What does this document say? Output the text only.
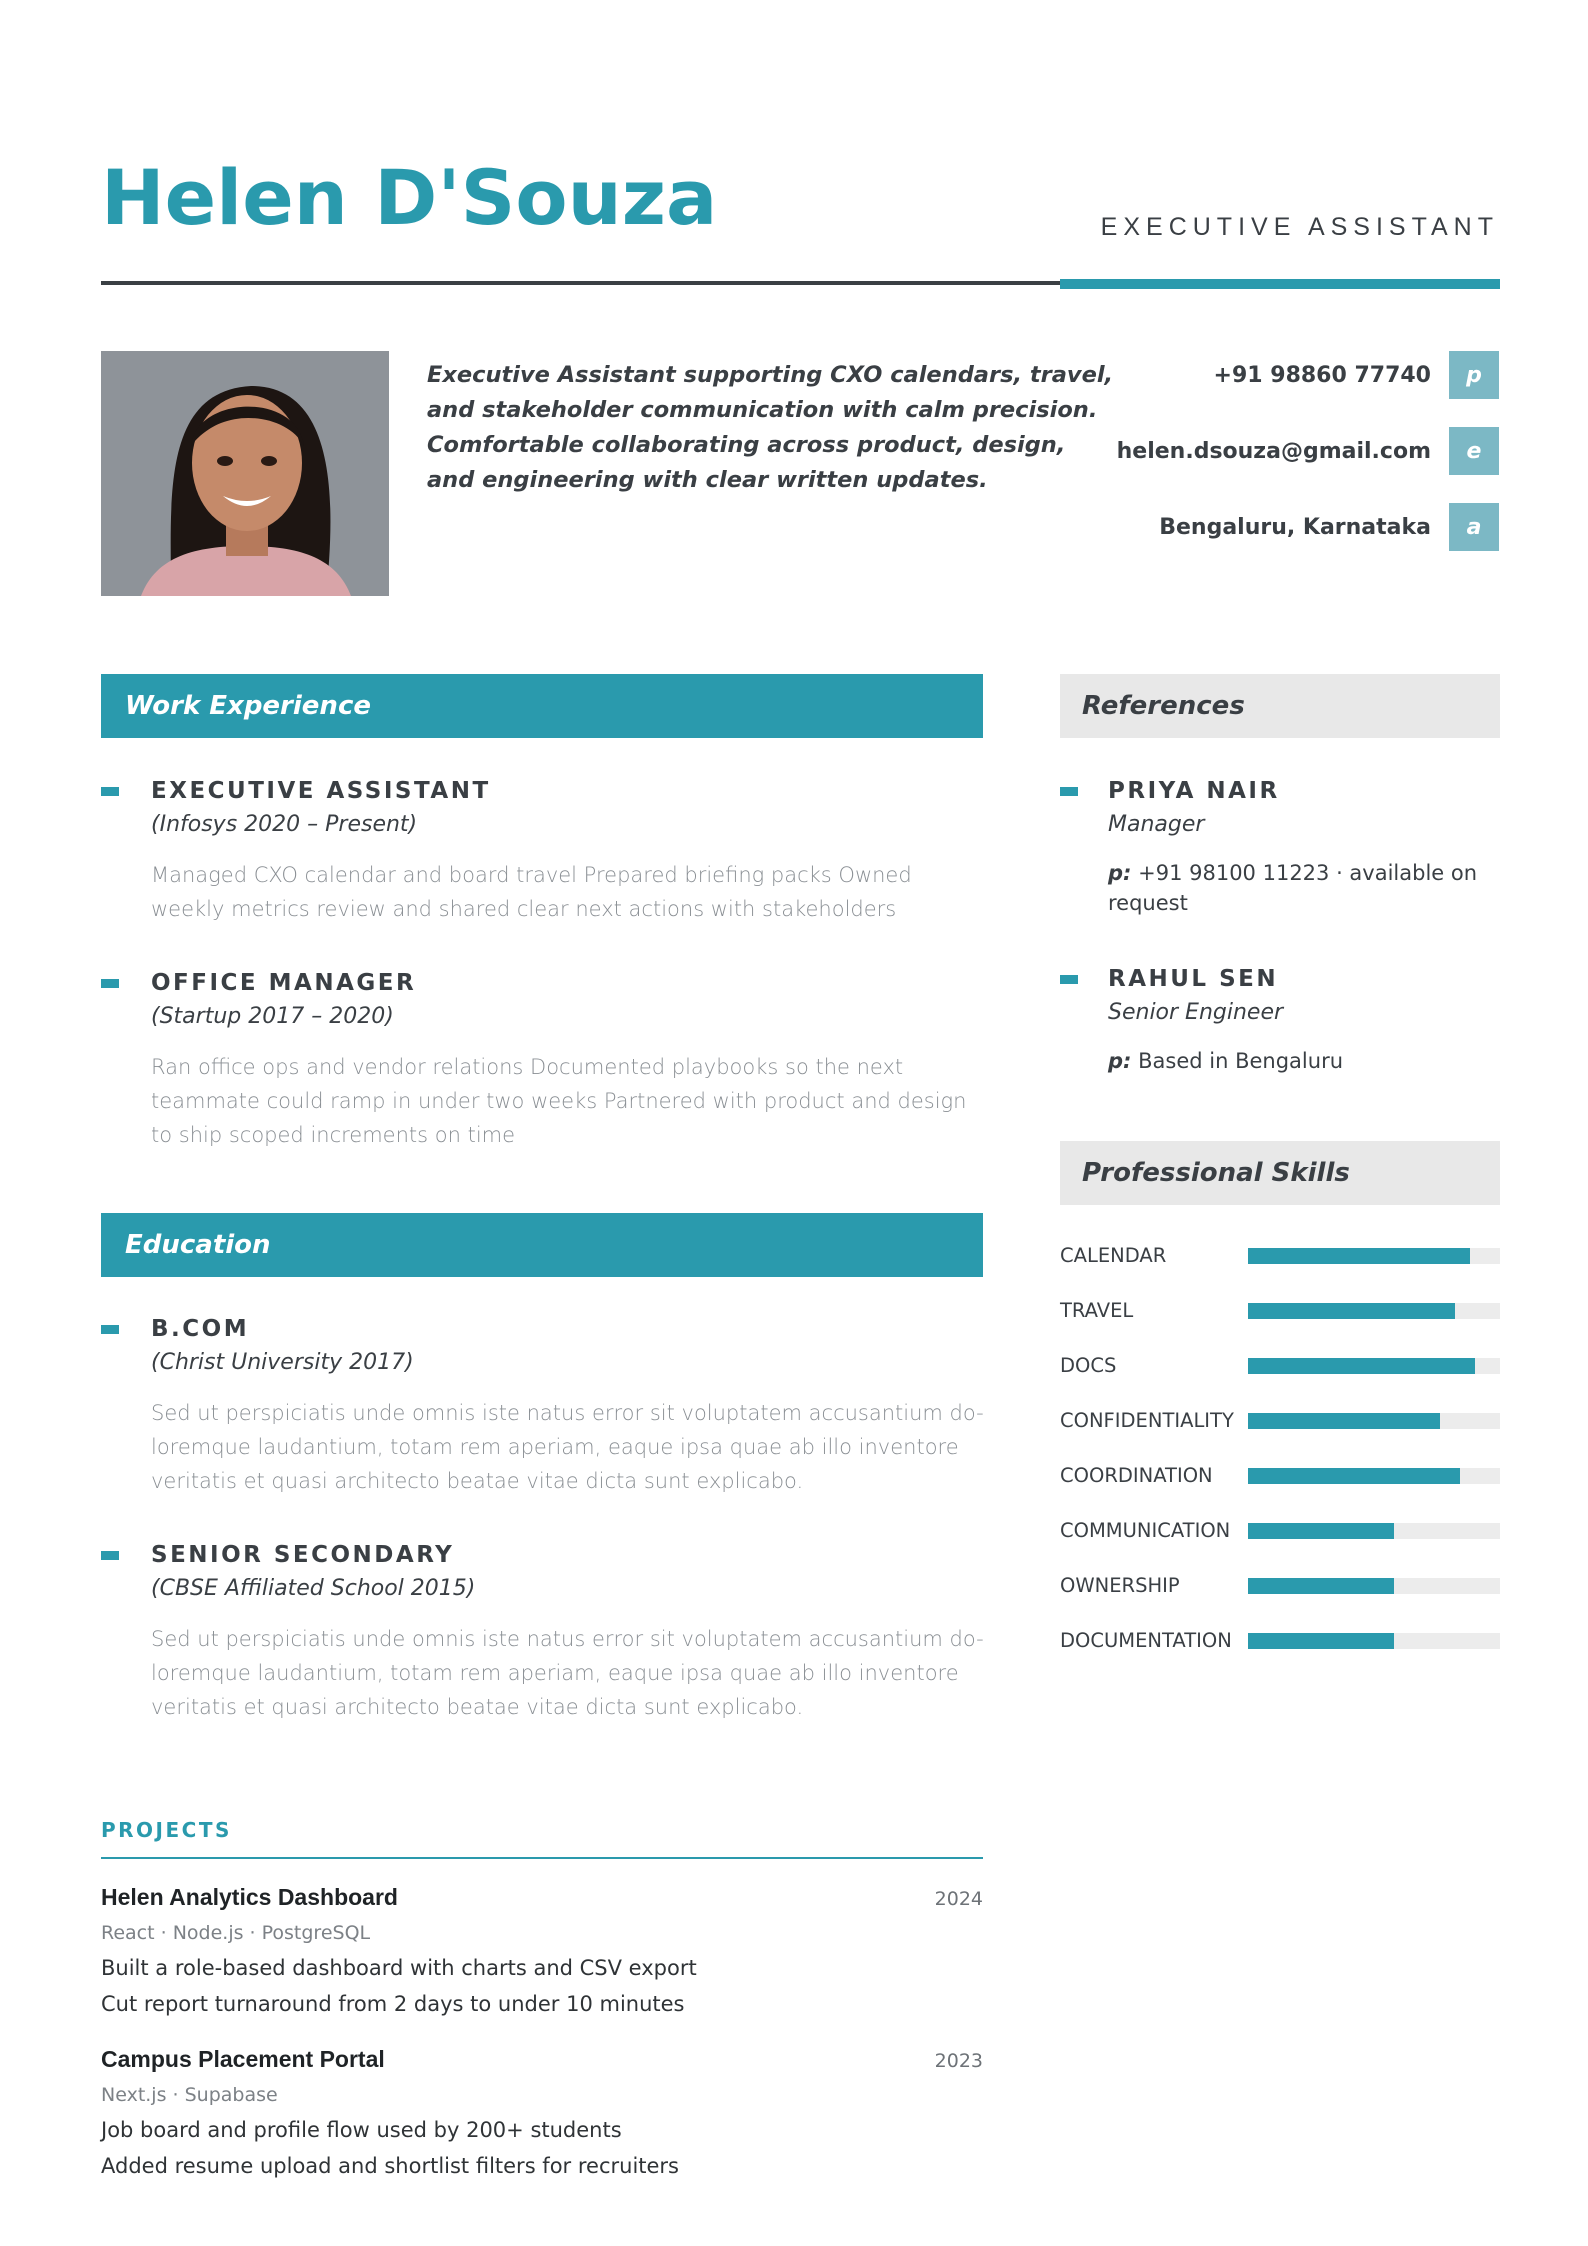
Helen D'Souza	EXECUTIVE ASSISTANT
Executive Assistant supporting CXO calendars, travel, and stakeholder communication with calm precision. Comfortable collaborating across product, design, and engineering with clear written updates.
+91 98860 77740	p
helen.dsouza@gmail.com	e
Bengaluru, Karnataka	a
Work Experience
EXECUTIVE ASSISTANT
(Infosys 2020 – Present)
Managed CXO calendar and board travel Prepared briefing packs Owned weekly metrics review and shared clear next actions with stakeholders
OFFICE MANAGER
(Startup 2017 – 2020)
Ran office ops and vendor relations Documented playbooks so the next teammate could ramp in under two weeks Partnered with product and design to ship scoped increments on time
Education
B.COM
(Christ University 2017)
Sed ut perspiciatis unde omnis iste natus error sit voluptatem accusantium do-loremque laudantium, totam rem aperiam, eaque ipsa quae ab illo inventore veritatis et quasi architecto beatae vitae dicta sunt explicabo.
SENIOR SECONDARY
(CBSE Affiliated School 2015)
Sed ut perspiciatis unde omnis iste natus error sit voluptatem accusantium do-loremque laudantium, totam rem aperiam, eaque ipsa quae ab illo inventore veritatis et quasi architecto beatae vitae dicta sunt explicabo.
References
PRIYA NAIR
Manager
p: +91 98100 11223 · available on request
RAHUL SEN
Senior Engineer
p: Based in Bengaluru
Professional Skills
CALENDAR
TRAVEL
DOCS
CONFIDENTIALITY
COORDINATION
COMMUNICATION
OWNERSHIP
DOCUMENTATION
PROJECTS
Helen Analytics Dashboard	2024
React · Node.js · PostgreSQL
Built a role-based dashboard with charts and CSV export
Cut report turnaround from 2 days to under 10 minutes
Campus Placement Portal	2023
Next.js · Supabase
Job board and profile flow used by 200+ students
Added resume upload and shortlist filters for recruiters
